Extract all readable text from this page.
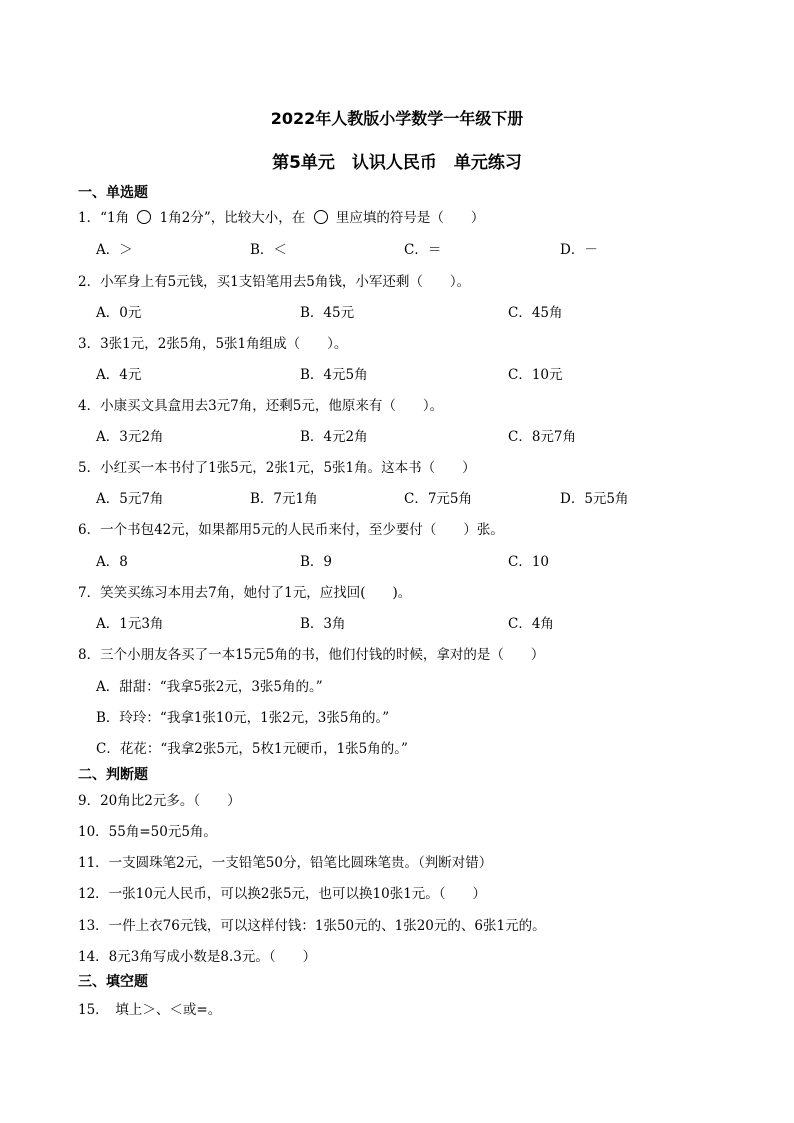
2022年人教版小学数学一年级下册
第5单元　认识人民币　单元练习
一、单选题
1．“1角  1角2分”，比较大小，在  里应填的符号是（　　）
A．＞	B．＜	C．＝	D．－
2．小军身上有5元钱，买1支铅笔用去5角钱，小军还剩（　　）。
A．0元	B．45元	C．45角
3．3张1元，2张5角，5张1角组成（　　）。
A．4元	B．4元5角	C．10元
4．小康买文具盒用去3元7角，还剩5元，他原来有（　　）。
A．3元2角	B．4元2角	C．8元7角
5．小红买一本书付了1张5元，2张1元，5张1角。这本书（　　）
A．5元7角	B．7元1角	C．7元5角	D．5元5角
6．一个书包42元，如果都用5元的人民币来付，至少要付（　　）张。
A．8	B．9	C．10
7．笑笑买练习本用去7角，她付了1元，应找回(　　)。
A．1元3角	B．3角	C．4角
8．三个小朋友各买了一本15元5角的书，他们付钱的时候，拿对的是（　　）
A．甜甜：“我拿5张2元，3张5角的。”
B．玲玲：“我拿1张10元，1张2元，3张5角的。”
C．花花：“我拿2张5元，5枚1元硬币，1张5角的。”
二、判断题
9．20角比2元多。（　　）
10．55角=50元5角。
11．一支圆珠笔2元，一支铅笔50分，铅笔比圆珠笔贵。（判断对错）
12．一张10元人民币，可以换2张5元，也可以换10张1元。（　　）
13．一件上衣76元钱，可以这样付钱：1张50元的、1张20元的、6张1元的。
14．8元3角写成小数是8.3元。（　　）
三、填空题
15．　填上＞、＜或=。
